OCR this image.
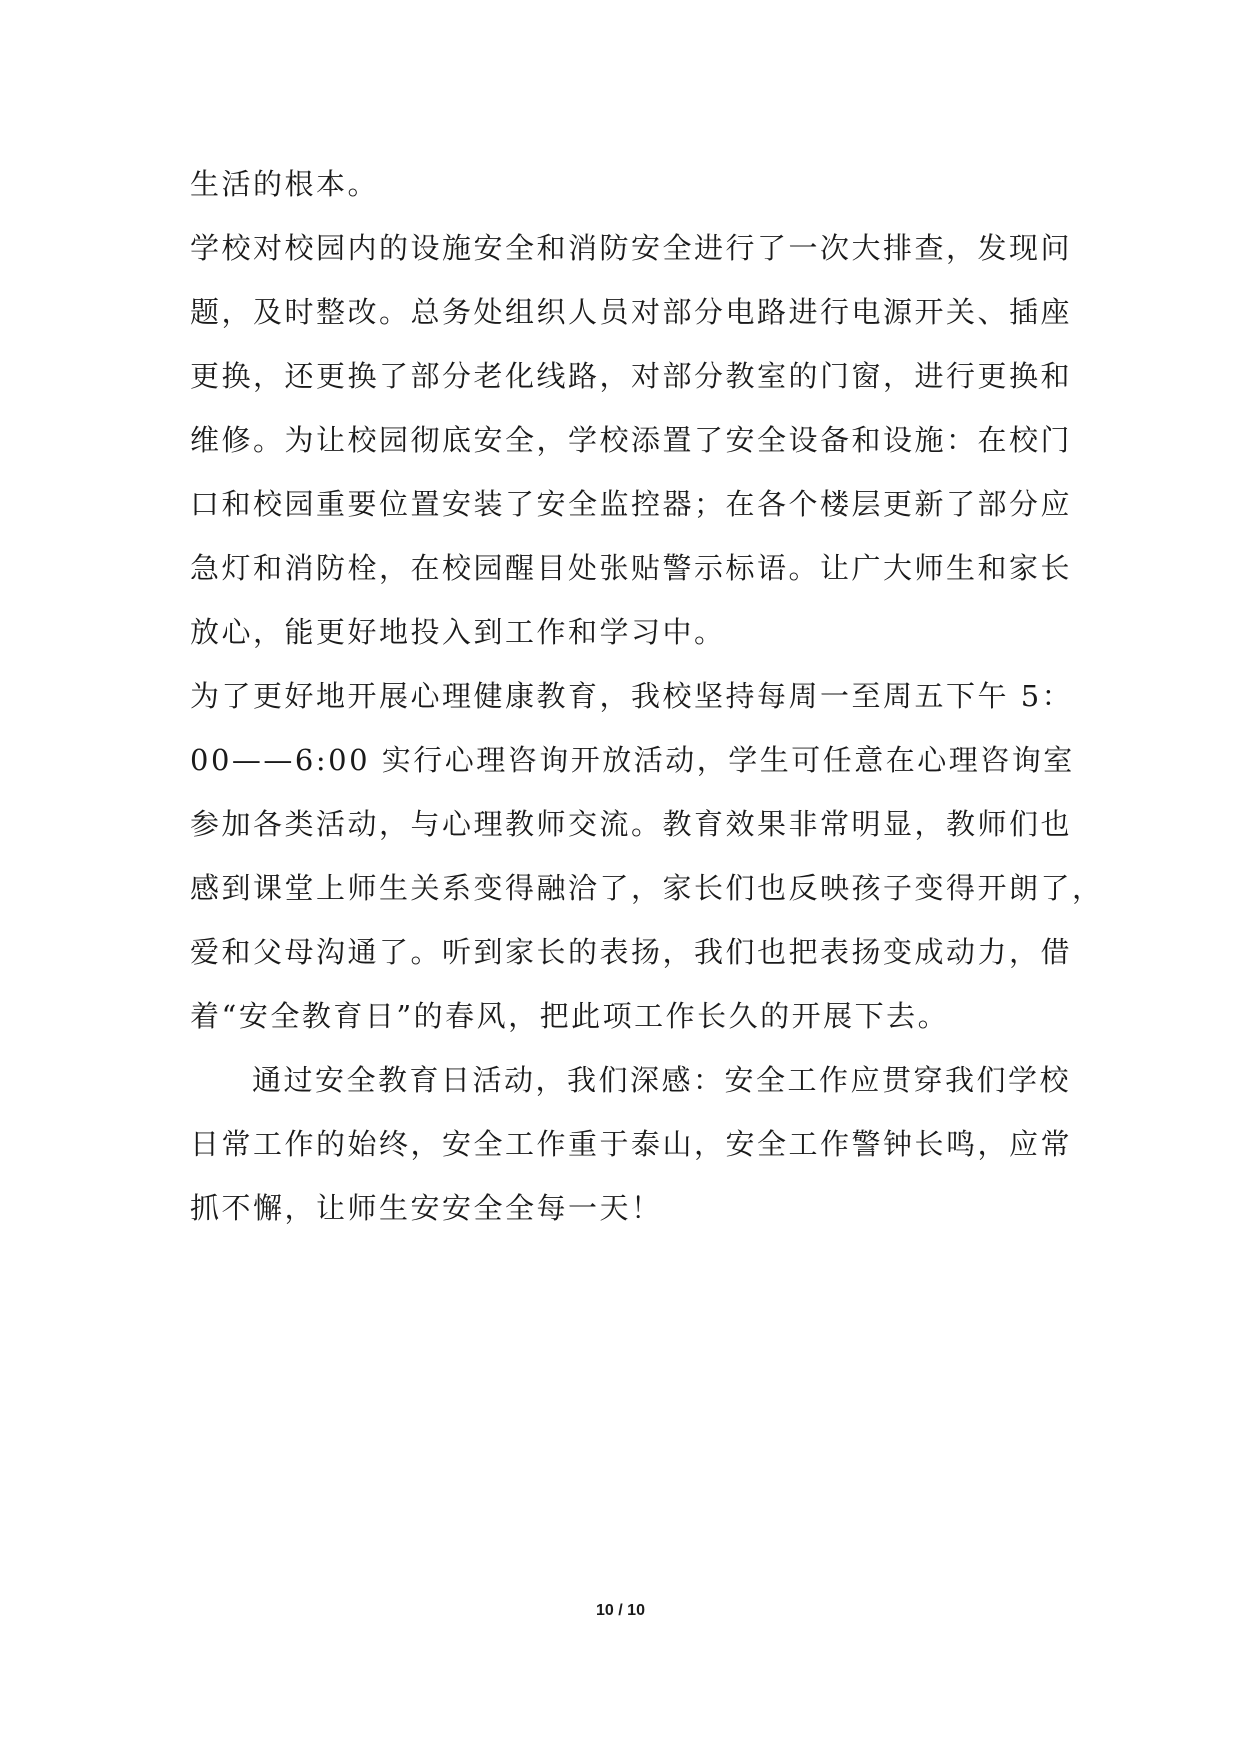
生活的根本。
学校对校园内的设施安全和消防安全进行了一次大排查，发现问
题，及时整改。总务处组织人员对部分电路进行电源开关、插座
更换，还更换了部分老化线路，对部分教室的门窗，进行更换和
维修。为让校园彻底安全，学校添置了安全设备和设施：在校门
口和校园重要位置安装了安全监控器；在各个楼层更新了部分应
急灯和消防栓，在校园醒目处张贴警示标语。让广大师生和家长
放心，能更好地投入到工作和学习中。
为了更好地开展心理健康教育，我校坚持每周一至周五下午 5：
00——6:00 实行心理咨询开放活动，学生可任意在心理咨询室
参加各类活动，与心理教师交流。教育效果非常明显，教师们也
感到课堂上师生关系变得融洽了，家长们也反映孩子变得开朗了，
爱和父母沟通了。听到家长的表扬，我们也把表扬变成动力，借
着“安全教育日”的春风，把此项工作长久的开展下去。
通过安全教育日活动，我们深感：安全工作应贯穿我们学校
日常工作的始终，安全工作重于泰山，安全工作警钟长鸣，应常
抓不懈，让师生安安全全每一天！
10 / 10
